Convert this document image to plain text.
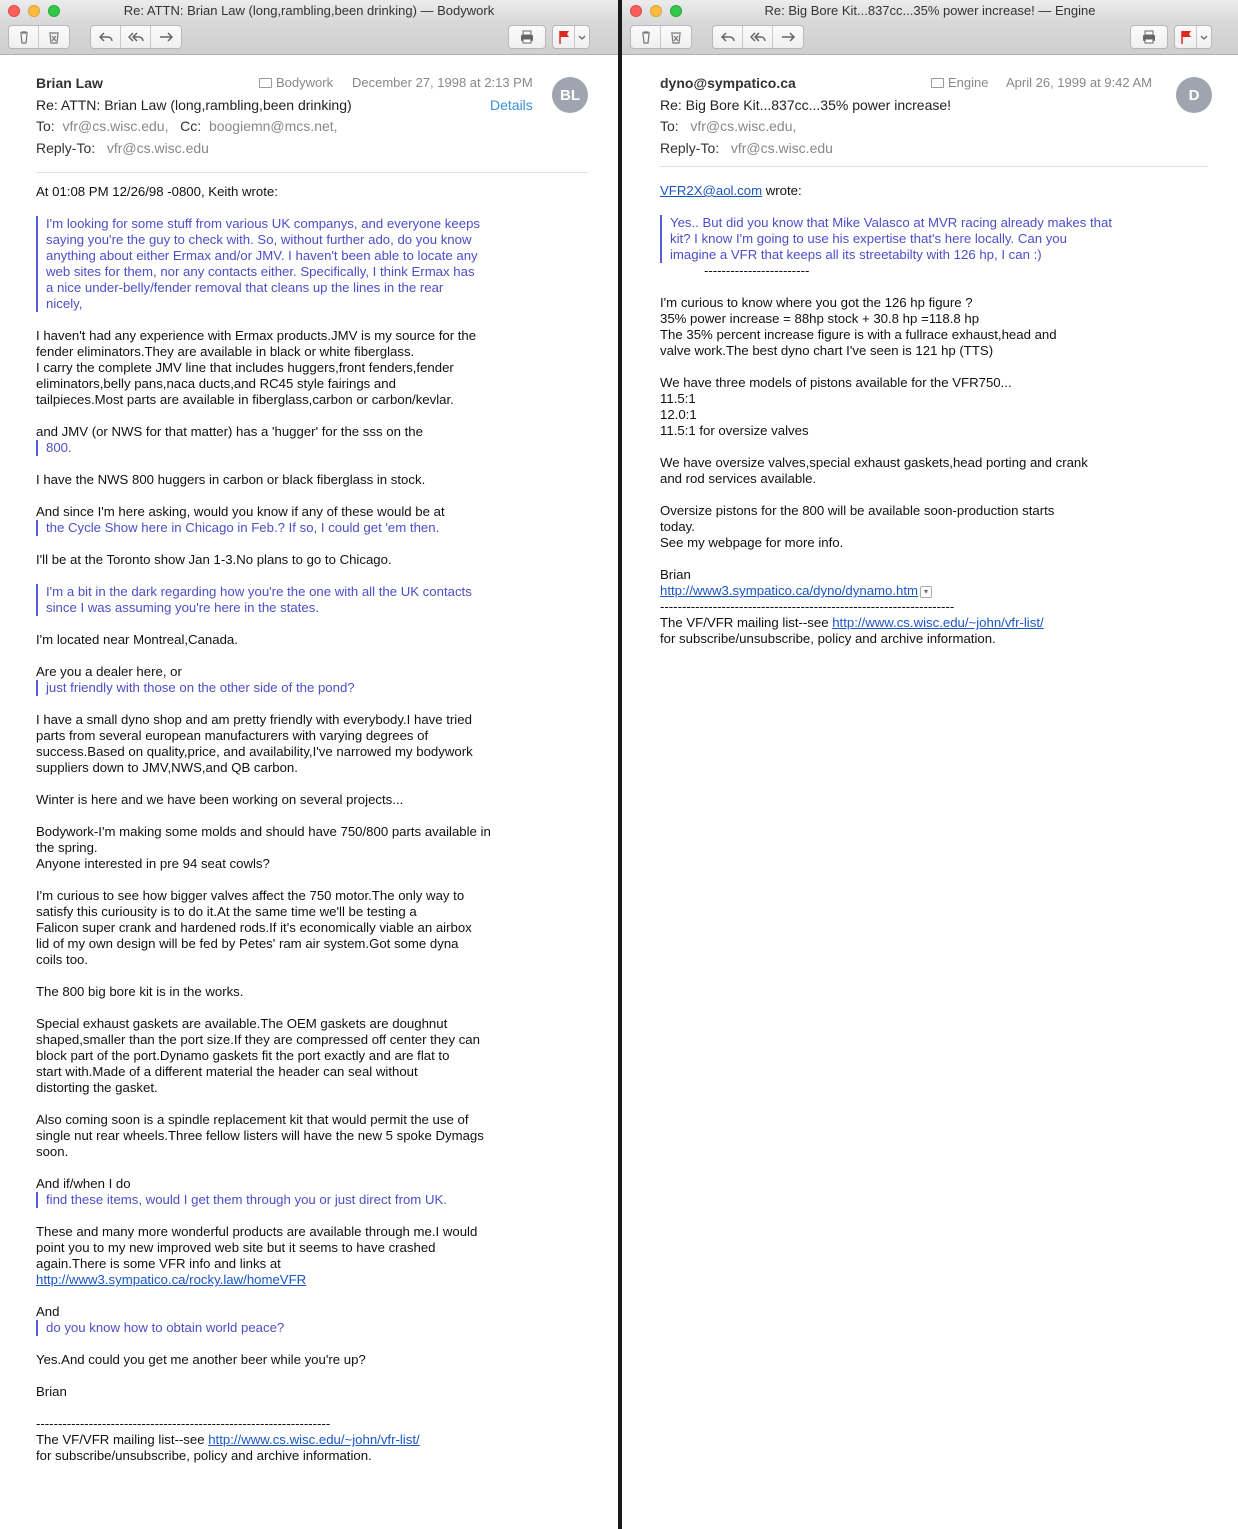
Re: ATTN: Brian Law (long,rambling,been drinking) — Bodywork
Brian Law	Bodywork December 27, 1998 at 2:13 PM
BL
Re: ATTN: Brian Law (long,rambling,been drinking)	Details
To: vfr@cs.wisc.edu, Cc: boogiemn@mcs.net,
Reply-To: vfr@cs.wisc.edu

At 01:08 PM 12/26/98 -0800, Keith wrote:

I'm looking for some stuff from various UK companys, and everyone keeps
saying you're the guy to check with. So, without further ado, do you know
anything about either Ermax and/or JMV. I haven't been able to locate any
web sites for them, nor any contacts either. Specifically, I think Ermax has
a nice under-belly/fender removal that cleans up the lines in the rear
nicely,

I haven't had any experience with Ermax products.JMV is my source for the
fender eliminators.They are available in black or white fiberglass.
I carry the complete JMV line that includes huggers,front fenders,fender
eliminators,belly pans,naca ducts,and RC45 style fairings and
tailpieces.Most parts are available in fiberglass,carbon or carbon/kevlar.

and JMV (or NWS for that matter) has a 'hugger' for the sss on the

800.

I have the NWS 800 huggers in carbon or black fiberglass in stock.

And since I'm here asking, would you know if any of these would be at

the Cycle Show here in Chicago in Feb.? If so, I could get 'em then.

I'll be at the Toronto show Jan 1-3.No plans to go to Chicago.

I'm a bit in the dark regarding how you're the one with all the UK contacts
since I was assuming you're here in the states.

I'm located near Montreal,Canada.

Are you a dealer here, or

just friendly with those on the other side of the pond?

I have a small dyno shop and am pretty friendly with everybody.I have tried
parts from several european manufacturers with varying degrees of
success.Based on quality,price, and availability,I've narrowed my bodywork
suppliers down to JMV,NWS,and QB carbon.

Winter is here and we have been working on several projects...

Bodywork-I'm making some molds and should have 750/800 parts available in
the spring.
Anyone interested in pre 94 seat cowls?

I'm curious to see how bigger valves affect the 750 motor.The only way to
satisfy this curiousity is to do it.At the same time we'll be testing a
Falicon super crank and hardened rods.If it's economically viable an airbox
lid of my own design will be fed by Petes' ram air system.Got some dyna
coils too.

The 800 big bore kit is in the works.

Special exhaust gaskets are available.The OEM gaskets are doughnut
shaped,smaller than the port size.If they are compressed off center they can
block part of the port.Dynamo gaskets fit the port exactly and are flat to
start with.Made of a different material the header can seal without
distorting the gasket.

Also coming soon is a spindle replacement kit that would permit the use of
single nut rear wheels.Three fellow listers will have the new 5 spoke Dymags
soon.

And if/when I do

find these items, would I get them through you or just direct from UK.

These and many more wonderful products are available through me.I would
point you to my new improved web site but it seems to have crashed
again.There is some VFR info and links at

http://www3.sympatico.ca/rocky.law/homeVFR

And

do you know how to obtain world peace?

Yes.And could you get me another beer while you're up?

Brian

-------------------------------------------------------------------
The VF/VFR mailing list--see http://www.cs.wisc.edu/~john/vfr-list/
for subscribe/unsubscribe, policy and archive information.
Re: Big Bore Kit...837cc...35% power increase! — Engine
dyno@sympatico.ca	Engine April 26, 1999 at 9:42 AM
D
Re: Big Bore Kit...837cc...35% power increase!
To: vfr@cs.wisc.edu,
Reply-To: vfr@cs.wisc.edu

VFR2X@aol.com wrote:

Yes.. But did you know that Mike Valasco at MVR racing already makes that
kit? I know I'm going to use his expertise that's here locally. Can you
imagine a VFR that keeps all its streetabilty with 126 hp, I can :)

------------------------

I'm curious to know where you got the 126 hp figure ?
35% power increase = 88hp stock + 30.8 hp =118.8 hp
The 35% percent increase figure is with a fullrace exhaust,head and
valve work.The best dyno chart I've seen is 121 hp (TTS)

We have three models of pistons available for the VFR750...
11.5:1
12.0:1
11.5:1 for oversize valves

We have oversize valves,special exhaust gaskets,head porting and crank
and rod services available.

Oversize pistons for the 800 will be available soon-production starts
today.
See my webpage for more info.

Brian

http://www3.sympatico.ca/dyno/dynamo.htm ▾
-------------------------------------------------------------------
The VF/VFR mailing list--see http://www.cs.wisc.edu/~john/vfr-list/
for subscribe/unsubscribe, policy and archive information.
